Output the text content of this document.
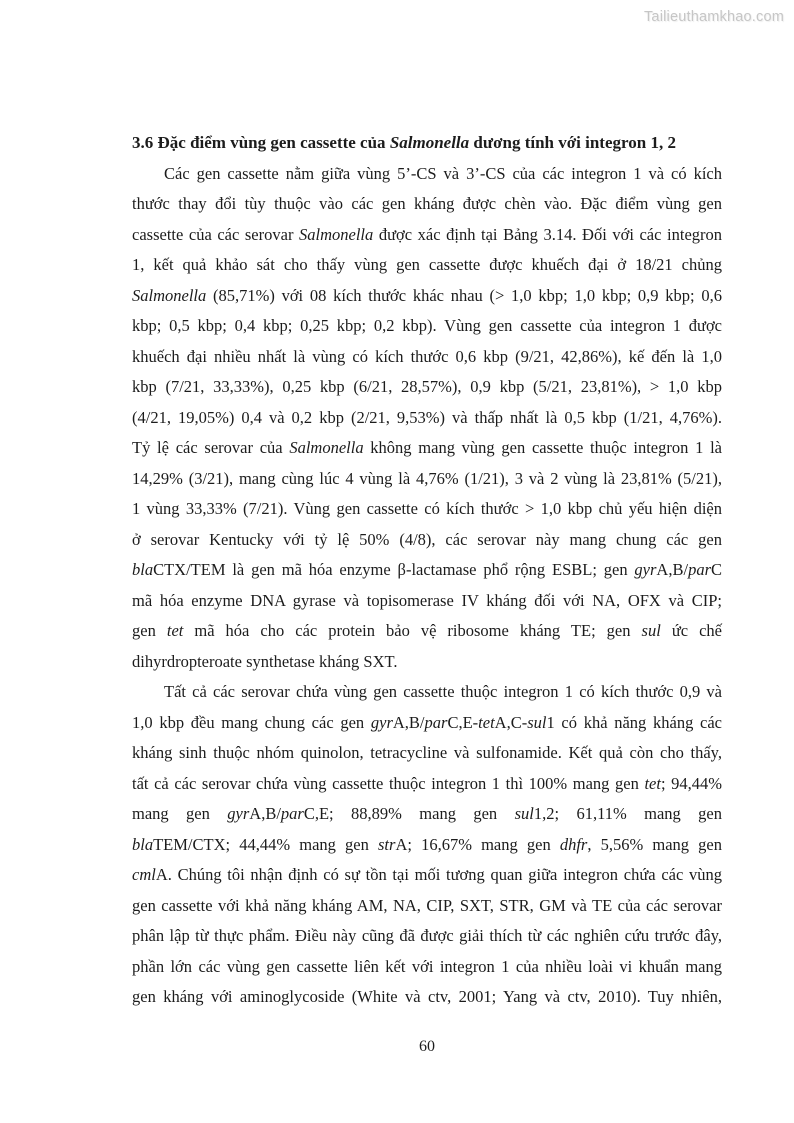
Tailieuthamkhao.com
3.6 Đặc điểm vùng gen cassette của Salmonella dương tính với integron 1, 2
Các gen cassette nằm giữa vùng 5’-CS và 3’-CS của các integron 1 và có kích
thước thay đổi tùy thuộc vào các gen kháng được chèn vào. Đặc điểm vùng gen
cassette của các serovar Salmonella được xác định tại Bảng 3.14. Đối với các integron
1, kết quả khảo sát cho thấy vùng gen cassette được khuếch đại ở 18/21 chủng
Salmonella (85,71%) với 08 kích thước khác nhau (> 1,0 kbp; 1,0 kbp; 0,9 kbp; 0,6
kbp; 0,5 kbp; 0,4 kbp; 0,25 kbp; 0,2 kbp). Vùng gen cassette của integron 1 được
khuếch đại nhiều nhất là vùng có kích thước 0,6 kbp (9/21, 42,86%), kế đến là 1,0
kbp (7/21, 33,33%), 0,25 kbp (6/21, 28,57%), 0,9 kbp (5/21, 23,81%), > 1,0 kbp
(4/21, 19,05%) 0,4 và 0,2 kbp (2/21, 9,53%) và thấp nhất là 0,5 kbp (1/21, 4,76%).
Tỷ lệ các serovar của Salmonella không mang vùng gen cassette thuộc integron 1 là
14,29% (3/21), mang cùng lúc 4 vùng là 4,76% (1/21), 3 và 2 vùng là 23,81% (5/21),
1 vùng 33,33% (7/21). Vùng gen cassette có kích thước > 1,0 kbp chủ yếu hiện diện
ở serovar Kentucky với tỷ lệ 50% (4/8), các serovar này mang chung các gen
blaCTX/TEM là gen mã hóa enzyme β-lactamase phổ rộng ESBL; gen gyrA,B/parC
mã hóa enzyme DNA gyrase và topisomerase IV kháng đối với NA, OFX và CIP;
gen tet mã hóa cho các protein bảo vệ ribosome kháng TE; gen sul ức chế
dihyrdropteroate synthetase kháng SXT.
Tất cả các serovar chứa vùng gen cassette thuộc integron 1 có kích thước 0,9 và
1,0 kbp đều mang chung các gen gyrA,B/parC,E-tetA,C-sul1 có khả năng kháng các
kháng sinh thuộc nhóm quinolon, tetracycline và sulfonamide. Kết quả còn cho thấy,
tất cả các serovar chứa vùng cassette thuộc integron 1 thì 100% mang gen tet; 94,44%
mang gen gyrA,B/parC,E; 88,89% mang gen sul1,2; 61,11% mang gen
blaTEM/CTX; 44,44% mang gen strA; 16,67% mang gen dhfr, 5,56% mang gen
cmlA. Chúng tôi nhận định có sự tồn tại mối tương quan giữa integron chứa các vùng
gen cassette với khả năng kháng AM, NA, CIP, SXT, STR, GM và TE của các serovar
phân lập từ thực phẩm. Điều này cũng đã được giải thích từ các nghiên cứu trước đây,
phần lớn các vùng gen cassette liên kết với integron 1 của nhiều loài vi khuẩn mang
gen kháng với aminoglycoside (White và ctv, 2001; Yang và ctv, 2010). Tuy nhiên,
60
